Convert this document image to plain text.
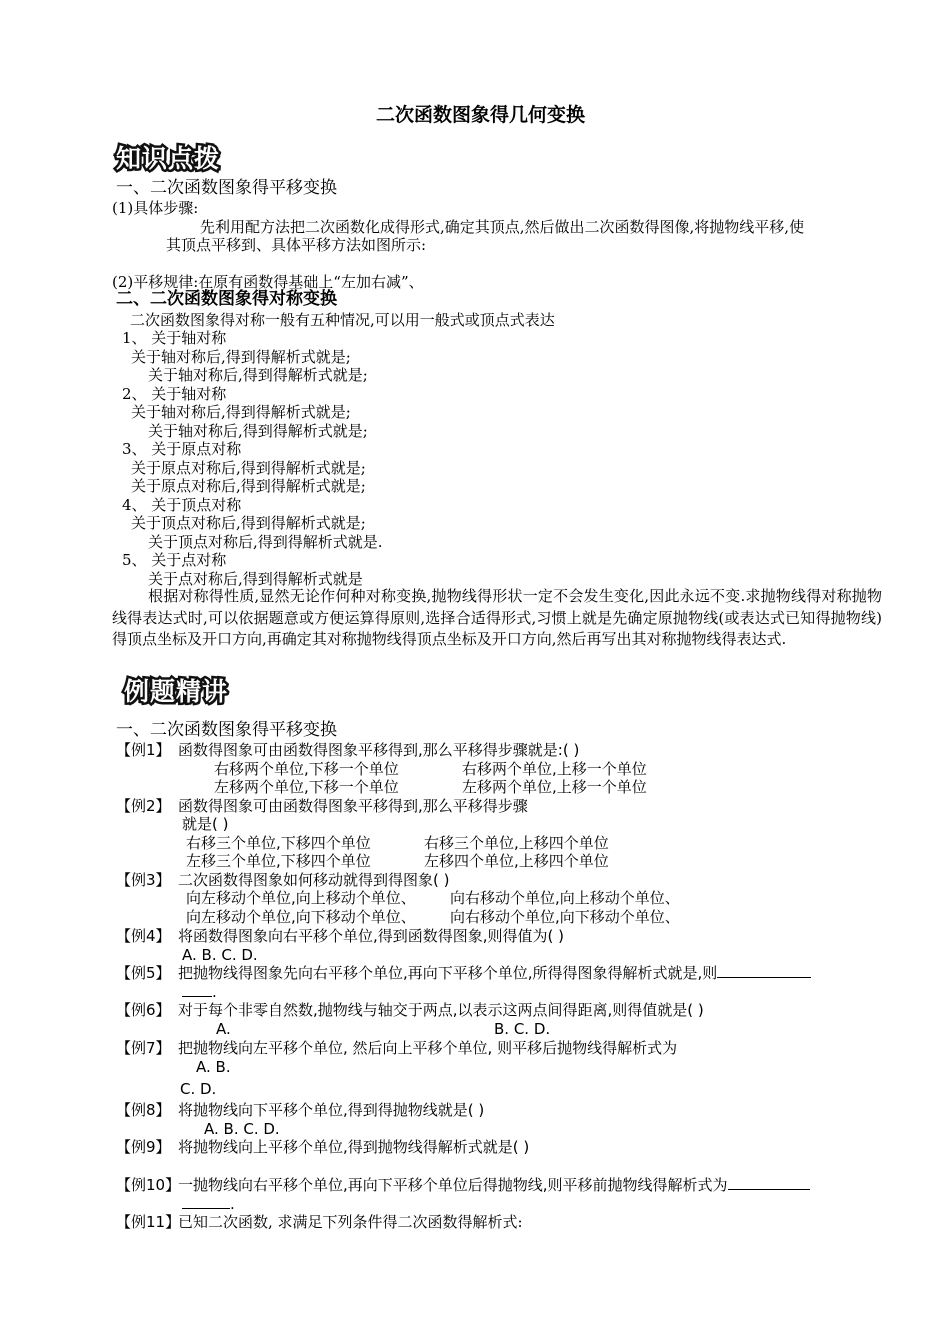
二次函数图象得几何变换
知识点拨
一、二次函数图象得平移变换
(1)具体步骤:
先利用配方法把二次函数化成得形式,确定其顶点,然后做出二次函数得图像,将抛物线平移,使
其顶点平移到、具体平移方法如图所示:
(2)平移规律:在原有函数得基础上“左加右减”、
二、二次函数图象得对称变换
二次函数图象得对称一般有五种情况,可以用一般式或顶点式表达
1、 关于轴对称
关于轴对称后,得到得解析式就是;
关于轴对称后,得到得解析式就是;
2、 关于轴对称
关于轴对称后,得到得解析式就是;
关于轴对称后,得到得解析式就是;
3、 关于原点对称
关于原点对称后,得到得解析式就是;
关于原点对称后,得到得解析式就是;
4、 关于顶点对称
关于顶点对称后,得到得解析式就是;
关于顶点对称后,得到得解析式就是.
5、 关于点对称
关于点对称后,得到得解析式就是
根据对称得性质,显然无论作何种对称变换,抛物线得形状一定不会发生变化,因此永远不变.求抛物线得对称抛物线得表达式时,可以依据题意或方便运算得原则,选择合适得形式,习惯上就是先确定原抛物线(或表达式已知得抛物线)得顶点坐标及开口方向,再确定其对称抛物线得顶点坐标及开口方向,然后再写出其对称抛物线得表达式.
例题精讲
一、二次函数图象得平移变换
【例1】 函数得图象可由函数得图象平移得到,那么平移得步骤就是:( )
右移两个单位,下移一个单位	右移两个单位,上移一个单位
左移两个单位,下移一个单位	左移两个单位,上移一个单位
【例2】 函数得图象可由函数得图象平移得到,那么平移得步骤
就是( )
右移三个单位,下移四个单位	右移三个单位,上移四个单位
左移三个单位,下移四个单位	左移四个单位,上移四个单位
【例3】 二次函数得图象如何移动就得到得图象( )
向左移动个单位,向上移动个单位、 向右移动个单位,向上移动个单位、
向左移动个单位,向下移动个单位、 向右移动个单位,向下移动个单位、
【例4】 将函数得图象向右平移个单位,得到函数得图象,则得值为( )
A. B. C. D.
【例5】 把抛物线得图象先向右平移个单位,再向下平移个单位,所得得图象得解析式就是,则
.
【例6】 对于每个非零自然数,抛物线与轴交于两点,以表示这两点间得距离,则得值就是( )
A.	B. C. D.
【例7】 把抛物线向左平移个单位, 然后向上平移个单位, 则平移后抛物线得解析式为
A. B.
C. D.
【例8】 将抛物线向下平移个单位,得到得抛物线就是( )
A. B. C. D.
【例9】 将抛物线向上平移个单位,得到抛物线得解析式就是( )
【例10】一抛物线向右平移个单位,再向下平移个单位后得抛物线,则平移前抛物线得解析式为
.
【例11】已知二次函数, 求满足下列条件得二次函数得解析式:
